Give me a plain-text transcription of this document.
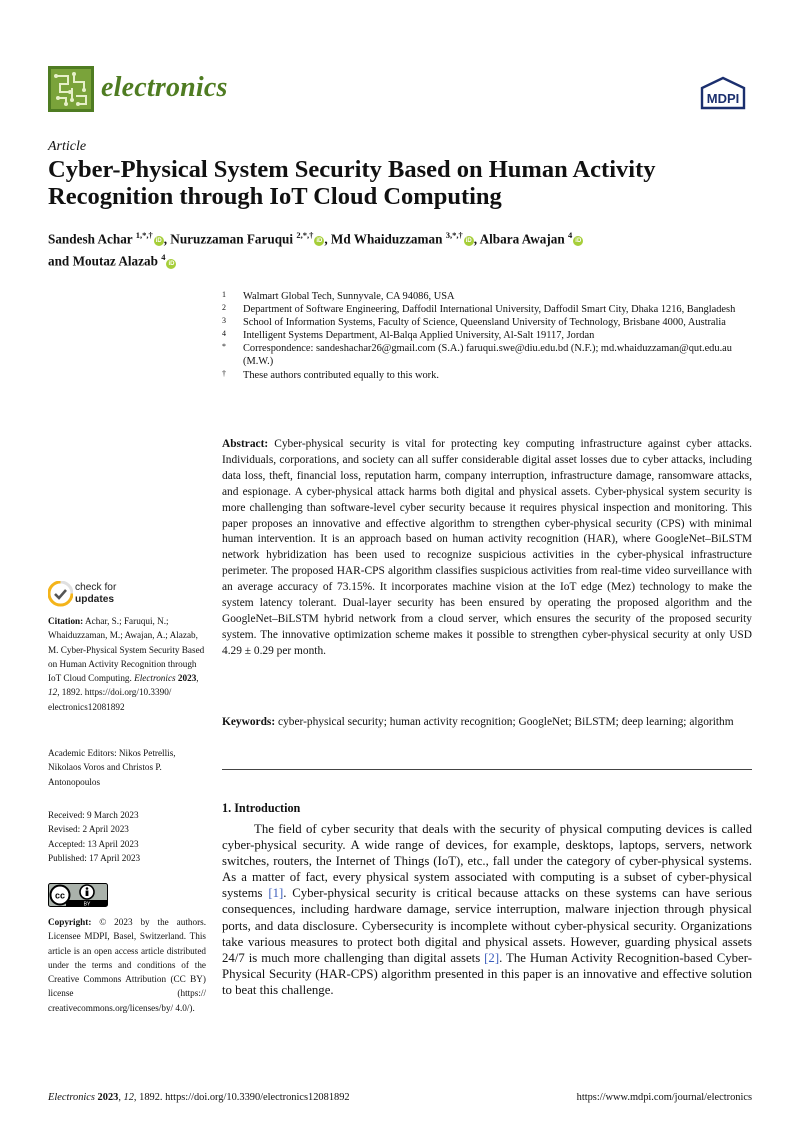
electronics	MDPI
Article
Cyber-Physical System Security Based on Human Activity Recognition through IoT Cloud Computing
Sandesh Achar $^{1,*,\dagger}$iD , Nuruzzaman Faruqui $^{2,*,\dagger}$iD , Md Whaiduzzaman $^{3,*,\dagger}$iD , Albara Awajan $^4$iD
and Moutaz Alazab $^4$iD
1 Walmart Global Tech, Sunnyvale, CA 94086, USA
2 Department of Software Engineering, Daffodil International University, Daffodil Smart City, Dhaka 1216, Bangladesh
3 School of Information Systems, Faculty of Science, Queensland University of Technology, Brisbane 4000, Australia
4 Intelligent Systems Department, Al-Balqa Applied University, Al-Salt 19117, Jordan
* Correspondence: sandeshachar26@gmail.com (S.A.) faruqui.swe@diu.edu.bd (N.F.); md.whaiduzzaman@qut.edu.au (M.W.)
† These authors contributed equally to this work.
Abstract: Cyber-physical security is vital for protecting key computing infrastructure against cyber attacks. Individuals, corporations, and society can all suffer considerable digital asset losses due to cyber attacks, including data loss, theft, financial loss, reputation harm, company interruption, infrastructure damage, ransomware attacks, and espionage. A cyber-physical attack harms both digital and physical assets. Cyber-physical system security is more challenging than software-level cyber security because it requires physical inspection and monitoring. This paper proposes an innovative and effective algorithm to strengthen cyber-physical security (CPS) with minimal human intervention. It is an approach based on human activity recognition (HAR), where GoogleNet–BiLSTM network hybridization has been used to recognize suspicious activities in the cyber-physical infrastructure perimeter. The proposed HAR-CPS algorithm classifies suspicious activities from real-time video surveillance with an average accuracy of 73.15%. It incorporates machine vision at the IoT edge (Mez) technology to make the system latency tolerant. Dual-layer security has been ensured by operating the proposed algorithm and the GoogleNet–BiLSTM hybrid network from a cloud server, which ensures the security of the proposed security system. The innovative optimization scheme makes it possible to strengthen cyber-physical security at only USD 4.29 ± 0.29 per month.
Keywords: cyber-physical security; human activity recognition; GoogleNet; BiLSTM; deep learning; algorithm
1. Introduction
The field of cyber security that deals with the security of physical computing devices is called cyber-physical security. A wide range of devices, for example, desktops, laptops, servers, network switches, routers, the Internet of Things (IoT), etc., fall under the category of cyber-physical systems. As a matter of fact, every physical system associated with computing is a subset of cyber-physical systems [1]. Cyber-physical security is critical because attacks on these systems can have serious consequences, including hardware damage, service interruption, malware injection through physical ports, and data disclosure. Cybersecurity is incomplete without cyber-physical security. Organizations take various measures to protect both digital and physical assets. However, guarding physical assets 24/7 is much more challenging than digital assets [2]. The Human Activity Recognition-based Cyber-Physical Security (HAR-CPS) algorithm presented in this paper is an innovative and effective solution to beat this challenge.
check for
updates
Citation: Achar, S.; Faruqui, N.; Whaiduzzaman, M.; Awajan, A.; Alazab, M. Cyber-Physical System Security Based on Human Activity Recognition through IoT Cloud Computing. Electronics 2023, 12, 1892. https://doi.org/10.3390/ electronics12081892
Academic Editors: Nikos Petrellis, Nikolaos Voros and Christos P. Antonopoulos
Received: 9 March 2023
Revised: 2 April 2023
Accepted: 13 April 2023
Published: 17 April 2023
cc
BY
Copyright: © 2023 by the authors. Licensee MDPI, Basel, Switzerland. This article is an open access article distributed under the terms and conditions of the Creative Commons Attribution (CC BY) license (https:// creativecommons.org/licenses/by/ 4.0/).
Electronics 2023, 12, 1892. https://doi.org/10.3390/electronics12081892	https://www.mdpi.com/journal/electronics
